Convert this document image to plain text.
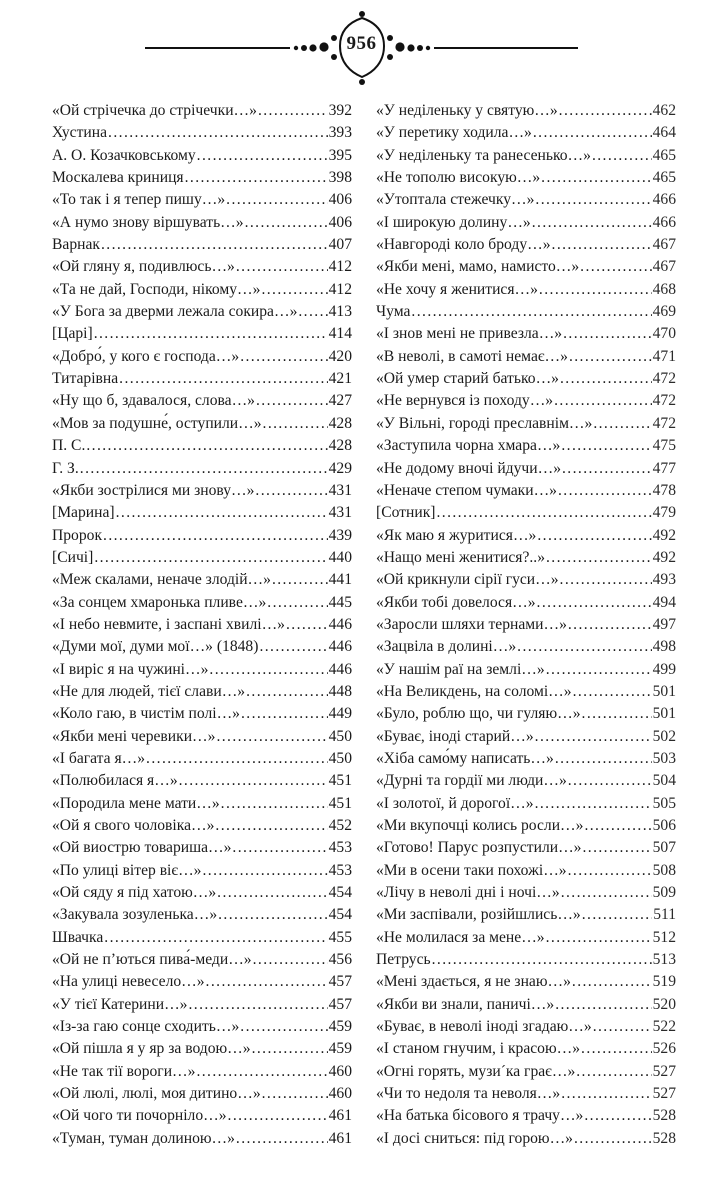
956
«Ой стрічечка до стрічечки…» .....	392
Хустина .....	393
А. О. Козачковському .....	395
Москалева криниця .....	398
«То так і я тепер пишу…» .....	406
«А нумо знову віршувать…» .....	406
Варнак .....	407
«Ой гляну я, подивлюсь…» .....	412
«Та не дай, Господи, нікому…» .....	412
«У Бога за дверми лежала сокира…» ..... 413
[Царі] .....	414
«Добро́, у кого є господа…» .....	420
Титарівна .....	421
«Ну що б, здавалося, слова…» .....	427
«Мов за подушне́, оступили…» .....	428
П. С. .....	428
Г. З. .....	429
«Якби зострілися ми знову…» .....	431
[Марина] .....	431
Пророк .....	439
[Сичі] .....	440
«Меж скалами, неначе злодій…» .....	441
«За сонцем хмаронька пливе…» .....	445
«І небо невмите, і заспані хвилі…» .....	446
«Думи мої, думи мої…» (1848) .....	446
«І виріс я на чужині…» .....	446
«Не для людей, тієї слави…» .....	448
«Коло гаю, в чистім полі…» .....	449
«Якби мені черевики…» .....	450
«І багата я…» .....	450
«Полюбилася я…» .....	451
«Породила мене мати…» .....	451
«Ой я свого чоловіка…» .....	452
«Ой виострю товариша…» .....	453
«По улиці вітер віє…» .....	453
«Ой сяду я під хатою…» .....	454
«Закувала зозуленька…» .....	454
Швачка .....	455
«Ой не п’ються пива́-меди…» .....	456
«На улиці невесело…» .....	457
«У тієї Катерини…» .....	457
«Із-за гаю сонце сходить…» .....	459
«Ой пішла я у яр за водою…» .....	459
«Не так тії вороги…» .....	460
«Ой люлі, люлі, моя дитино…» .....	460
«Ой чого ти почорніло…» .....	461
«Туман, туман долиною…» .....	461
«У неділеньку у святую…» .....	462
«У перетику ходила…» .....	464
«У неділеньку та ранесенько…» .....	465
«Не тополю високую…» .....	465
«Утоптала стежечку…» .....	466
«І широкую долину…» .....	466
«Навгороді коло броду…» .....	467
«Якби мені, мамо, намисто…» .....	467
«Не хочу я женитися…» .....	468
Чума .....	469
«І знов мені не привезла…» .....	470
«В неволі, в самоті немає…» .....	471
«Ой умер старий батько…» .....	472
«Не вернувся із походу…» .....	472
«У Вільні, городі преславнім…» .....	472
«Заступила чорна хмара…» .....	475
«Не додому вночі йдучи…» .....	477
«Неначе степом чумаки…» .....	478
[Сотник] .....	479
«Як маю я журитися…» .....	492
«Нащо мені женитися?..» .....	492
«Ой крикнули сірії гуси…» .....	493
«Якби тобі довелося…» .....	494
«Заросли шляхи тернами…» .....	497
«Зацвіла в долині…» .....	498
«У нашім раї на землі…» .....	499
«На Великдень, на соломі…» .....	501
«Було, роблю що, чи гуляю…» .....	501
«Буває, іноді старий…» .....	502
«Хіба само́му написать…» .....	503
«Дурні та гордії ми люди…» .....	504
«І золотої, й дорогої…» .....	505
«Ми вкупочці колись росли…» .....	506
«Готово! Парус розпустили…» .....	507
«Ми в осени таки похожі…» .....	508
«Лічу в неволі дні і ночі…» .....	509
«Ми заспівали, розійшлись…» .....	511
«Не молилася за мене…» .....	512
Петрусь .....	513
«Мені здається, я не знаю…» .....	519
«Якби ви знали, паничі…» .....	520
«Буває, в неволі іноді згадаю…» .....	522
«І станом гнучим, і красою…» .....	526
«Огні горять, музи´ка грає…» .....	527
«Чи то недоля та неволя…» .....	527
«На батька бісового я трачу…» .....	528
«І досі сниться: під горою…» .....	528
